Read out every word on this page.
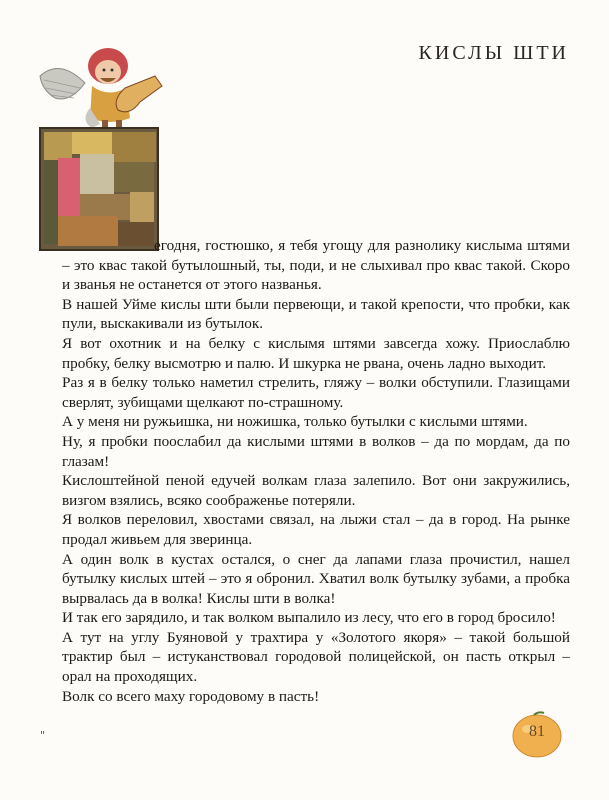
КИСЛЫ ШТИ

егодня, гостюшко, я тебя угощу для разнолику кислыма штями – это квас такой бутылошный, ты, поди, и не слыхивал про квас такой. Скоро и званья не останется от этого названья.

В нашей Уйме кислы шти были первеющи, и такой крепости, что пробки, как пули, выскакивали из бутылок.

Я вот охотник и на белку с кислымя штями завсегда хожу. Приослаблю пробку, белку высмотрю и палю. И шкурка не рвана, очень ладно выходит.

Раз я в белку только наметил стрелить, гляжу – волки обступили. Глазищами сверлят, зубищами щелкают по-страшному.

А у меня ни ружьишка, ни ножишка, только бутылки с кислыми штями.

Ну, я пробки пооcлабил да кислыми штями в волков – да по мордам, да по глазам!

Кислоштейной пеной едучей волкам глаза залепило. Вот они закружились, визгом взялись, всяко соображенье потеряли.

Я волков переловил, хвостами связал, на лыжи стал – да в город. На рынке продал живьем для зверинца.

А один волк в кустах остался, о снег да лапами глаза прочистил, нашел бутылку кислых штей – это я обронил. Хватил волк бутылку зубами, а пробка вырвалась да в волка! Кислы шти в волка!

И так его зарядило, и так волком выпалило из лесу, что его в город бросило!

А тут на углу Буяновой у трахтира у «Золотого якоря» – такой большой трактир был – истуканствовал городовой полицейской, он пасть открыл – орал на проходящих.

Волк со всего маху городовому в пасть!

"	81
